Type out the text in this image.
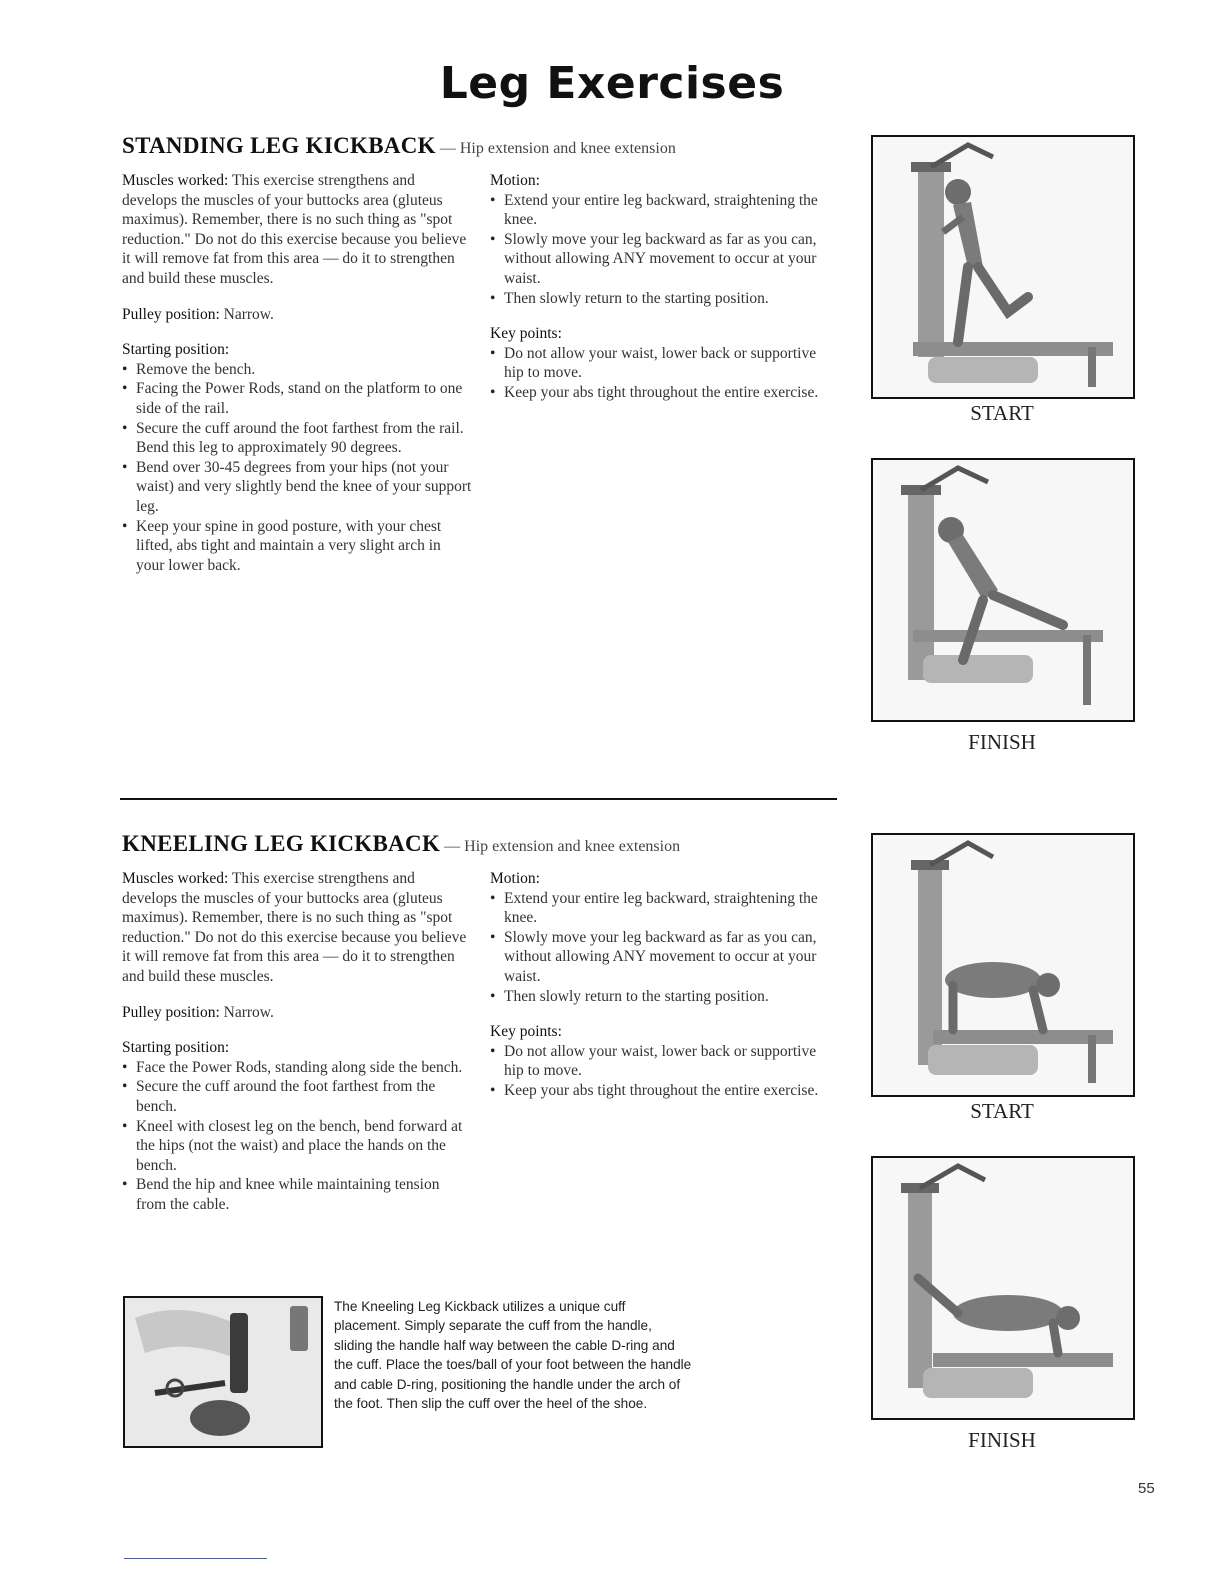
Leg Exercises
STANDING LEG KICKBACK — Hip extension and knee extension

Muscles worked: This exercise strengthens and develops the muscles of your buttocks area (gluteus maximus). Remember, there is no such thing as "spot reduction." Do not do this exercise because you believe it will remove fat from this area — do it to strengthen and build these muscles.

Pulley position: Narrow.

Starting position:
• Remove the bench.
• Facing the Power Rods, stand on the platform to one side of the rail.
• Secure the cuff around the foot farthest from the rail. Bend this leg to approximately 90 degrees.
• Bend over 30-45 degrees from your hips (not your waist) and very slightly bend the knee of your support leg.
• Keep your spine in good posture, with your chest lifted, abs tight and maintain a very slight arch in your lower back.
Motion:
• Extend your entire leg backward, straightening the knee.
• Slowly move your leg backward as far as you can, without allowing ANY movement to occur at your waist.
• Then slowly return to the starting position.
Key points:
• Do not allow your waist, lower back or supportive hip to move.
• Keep your abs tight throughout the entire exercise.
START
FINISH
KNEELING LEG KICKBACK — Hip extension and knee extension

Muscles worked: This exercise strengthens and develops the muscles of your buttocks area (gluteus maximus). Remember, there is no such thing as "spot reduction." Do not do this exercise because you believe it will remove fat from this area — do it to strengthen and build these muscles.

Pulley position: Narrow.

Starting position:
• Face the Power Rods, standing along side the bench.
• Secure the cuff around the foot farthest from the bench.
• Kneel with closest leg on the bench, bend forward at the hips (not the waist) and place the hands on the bench.
• Bend the hip and knee while maintaining tension from the cable.
Motion:
• Extend your entire leg backward, straightening the knee.
• Slowly move your leg backward as far as you can, without allowing ANY movement to occur at your waist.
• Then slowly return to the starting position.
Key points:
• Do not allow your waist, lower back or supportive hip to move.
• Keep your abs tight throughout the entire exercise.
START
FINISH
The Kneeling Leg Kickback utilizes a unique cuff placement. Simply separate the cuff from the handle, sliding the handle half way between the cable D-ring and the cuff. Place the toes/ball of your foot between the handle and cable D-ring, positioning the handle under the arch of the foot. Then slip the cuff over the heel of the shoe.
55
